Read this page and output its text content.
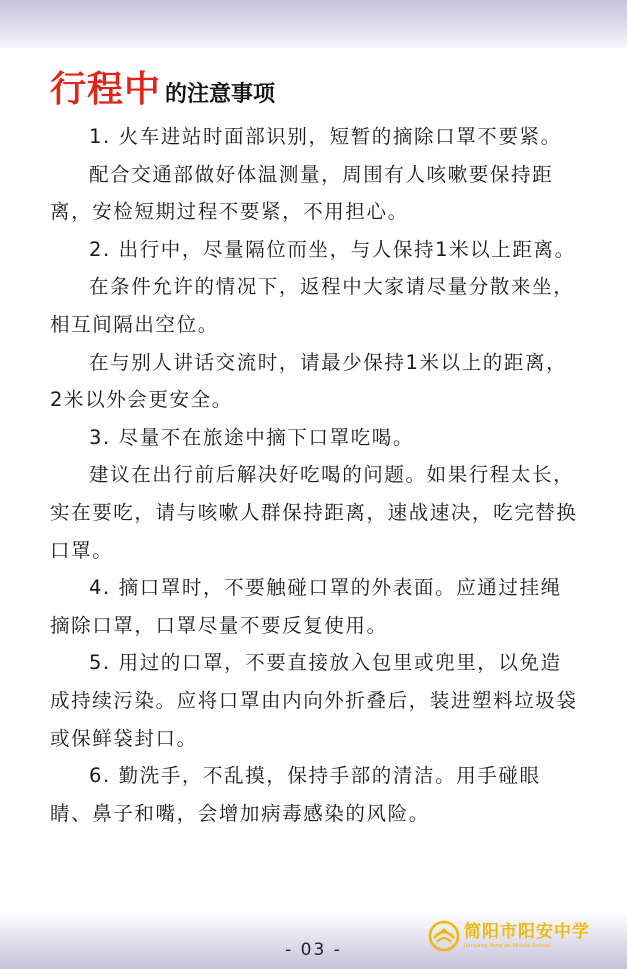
行程中 的注意事项

1. 火车进站时面部识别，短暂的摘除口罩不要紧。

配合交通部做好体温测量，周围有人咳嗽要保持距离，安检短期过程不要紧，不用担心。

2. 出行中，尽量隔位而坐，与人保持1米以上距离。

在条件允许的情况下，返程中大家请尽量分散来坐，相互间隔出空位。

在与别人讲话交流时，请最少保持1米以上的距离，2米以外会更安全。

3. 尽量不在旅途中摘下口罩吃喝。

建议在出行前后解决好吃喝的问题。如果行程太长，实在要吃，请与咳嗽人群保持距离，速战速决，吃完替换口罩。

4. 摘口罩时，不要触碰口罩的外表面。应通过挂绳摘除口罩，口罩尽量不要反复使用。

5. 用过的口罩，不要直接放入包里或兜里，以免造成持续污染。应将口罩由内向外折叠后，装进塑料垃圾袋或保鲜袋封口。

6. 勤洗手，不乱摸，保持手部的清洁。用手碰眼睛、鼻子和嘴，会增加病毒感染的风险。

- 03 -
简阳市阳安中学
Jianyang Yang'an Middle School
